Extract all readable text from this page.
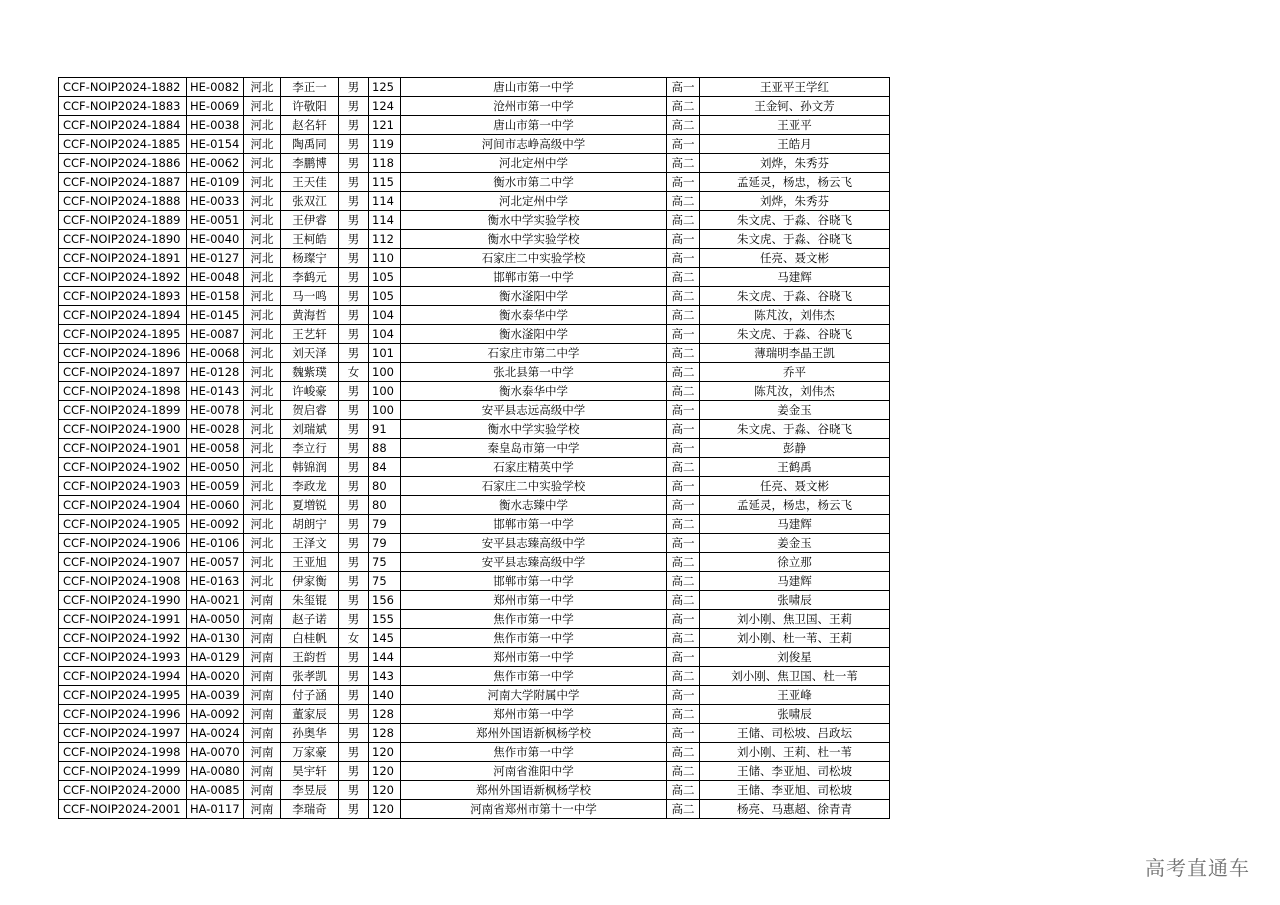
CCF-NOIP2024-1882	HE-0082	河北	李正一	男	125	唐山市第一中学	高一	王亚平王学红
CCF-NOIP2024-1883	HE-0069	河北	许敬阳	男	124	沧州市第一中学	高二	王金钶、孙文芳
CCF-NOIP2024-1884	HE-0038	河北	赵名轩	男	121	唐山市第一中学	高二	王亚平
CCF-NOIP2024-1885	HE-0154	河北	陶禹同	男	119	河间市志峥高级中学	高一	王皓月
CCF-NOIP2024-1886	HE-0062	河北	李鹏博	男	118	河北定州中学	高二	刘烨，朱秀芬
CCF-NOIP2024-1887	HE-0109	河北	王天佳	男	115	衡水市第二中学	高一	孟延灵，杨忠，杨云飞
CCF-NOIP2024-1888	HE-0033	河北	张双江	男	114	河北定州中学	高二	刘烨，朱秀芬
CCF-NOIP2024-1889	HE-0051	河北	王伊睿	男	114	衡水中学实验学校	高二	朱文虎、于淼、谷晓飞
CCF-NOIP2024-1890	HE-0040	河北	王柯皓	男	112	衡水中学实验学校	高一	朱文虎、于淼、谷晓飞
CCF-NOIP2024-1891	HE-0127	河北	杨璨宁	男	110	石家庄二中实验学校	高一	任亮、聂文彬
CCF-NOIP2024-1892	HE-0048	河北	李鹤元	男	105	邯郸市第一中学	高二	马建辉
CCF-NOIP2024-1893	HE-0158	河北	马一鸣	男	105	衡水滏阳中学	高二	朱文虎、于淼、谷晓飞
CCF-NOIP2024-1894	HE-0145	河北	黄海哲	男	104	衡水泰华中学	高二	陈芃汝，刘伟杰
CCF-NOIP2024-1895	HE-0087	河北	王艺轩	男	104	衡水滏阳中学	高一	朱文虎、于淼、谷晓飞
CCF-NOIP2024-1896	HE-0068	河北	刘天泽	男	101	石家庄市第二中学	高二	薄瑞明李晶王凯
CCF-NOIP2024-1897	HE-0128	河北	魏紫璞	女	100	张北县第一中学	高二	乔平
CCF-NOIP2024-1898	HE-0143	河北	许峻豪	男	100	衡水泰华中学	高二	陈芃汝，刘伟杰
CCF-NOIP2024-1899	HE-0078	河北	贺启睿	男	100	安平县志远高级中学	高一	姜金玉
CCF-NOIP2024-1900	HE-0028	河北	刘瑞斌	男	91	衡水中学实验学校	高一	朱文虎、于淼、谷晓飞
CCF-NOIP2024-1901	HE-0058	河北	李立行	男	88	秦皇岛市第一中学	高一	彭静
CCF-NOIP2024-1902	HE-0050	河北	韩锦润	男	84	石家庄精英中学	高二	王鹤禹
CCF-NOIP2024-1903	HE-0059	河北	李政龙	男	80	石家庄二中实验学校	高一	任亮、聂文彬
CCF-NOIP2024-1904	HE-0060	河北	夏増锐	男	80	衡水志臻中学	高一	孟延灵，杨忠，杨云飞
CCF-NOIP2024-1905	HE-0092	河北	胡朗宁	男	79	邯郸市第一中学	高二	马建辉
CCF-NOIP2024-1906	HE-0106	河北	王泽文	男	79	安平县志臻高级中学	高一	姜金玉
CCF-NOIP2024-1907	HE-0057	河北	王亚旭	男	75	安平县志臻高级中学	高二	徐立那
CCF-NOIP2024-1908	HE-0163	河北	伊家衡	男	75	邯郸市第一中学	高二	马建辉
CCF-NOIP2024-1990	HA-0021	河南	朱玺锟	男	156	郑州市第一中学	高二	张啸辰
CCF-NOIP2024-1991	HA-0050	河南	赵子诺	男	155	焦作市第一中学	高一	刘小刚、焦卫国、王莉
CCF-NOIP2024-1992	HA-0130	河南	白桂帆	女	145	焦作市第一中学	高二	刘小刚、杜一苇、王莉
CCF-NOIP2024-1993	HA-0129	河南	王韵哲	男	144	郑州市第一中学	高一	刘俊星
CCF-NOIP2024-1994	HA-0020	河南	张孝凯	男	143	焦作市第一中学	高二	刘小刚、焦卫国、杜一苇
CCF-NOIP2024-1995	HA-0039	河南	付子涵	男	140	河南大学附属中学	高一	王亚峰
CCF-NOIP2024-1996	HA-0092	河南	董家辰	男	128	郑州市第一中学	高二	张啸辰
CCF-NOIP2024-1997	HA-0024	河南	孙奥华	男	128	郑州外国语新枫杨学校	高一	王储、司松坡、吕政坛
CCF-NOIP2024-1998	HA-0070	河南	万家豪	男	120	焦作市第一中学	高二	刘小刚、王莉、杜一苇
CCF-NOIP2024-1999	HA-0080	河南	昊宇轩	男	120	河南省淮阳中学	高二	王储、李亚旭、司松坡
CCF-NOIP2024-2000	HA-0085	河南	李昱辰	男	120	郑州外国语新枫杨学校	高二	王储、李亚旭、司松坡
CCF-NOIP2024-2001	HA-0117	河南	李瑞奇	男	120	河南省郑州市第十一中学	高二	杨亮、马惠超、徐青青
高考直通车
